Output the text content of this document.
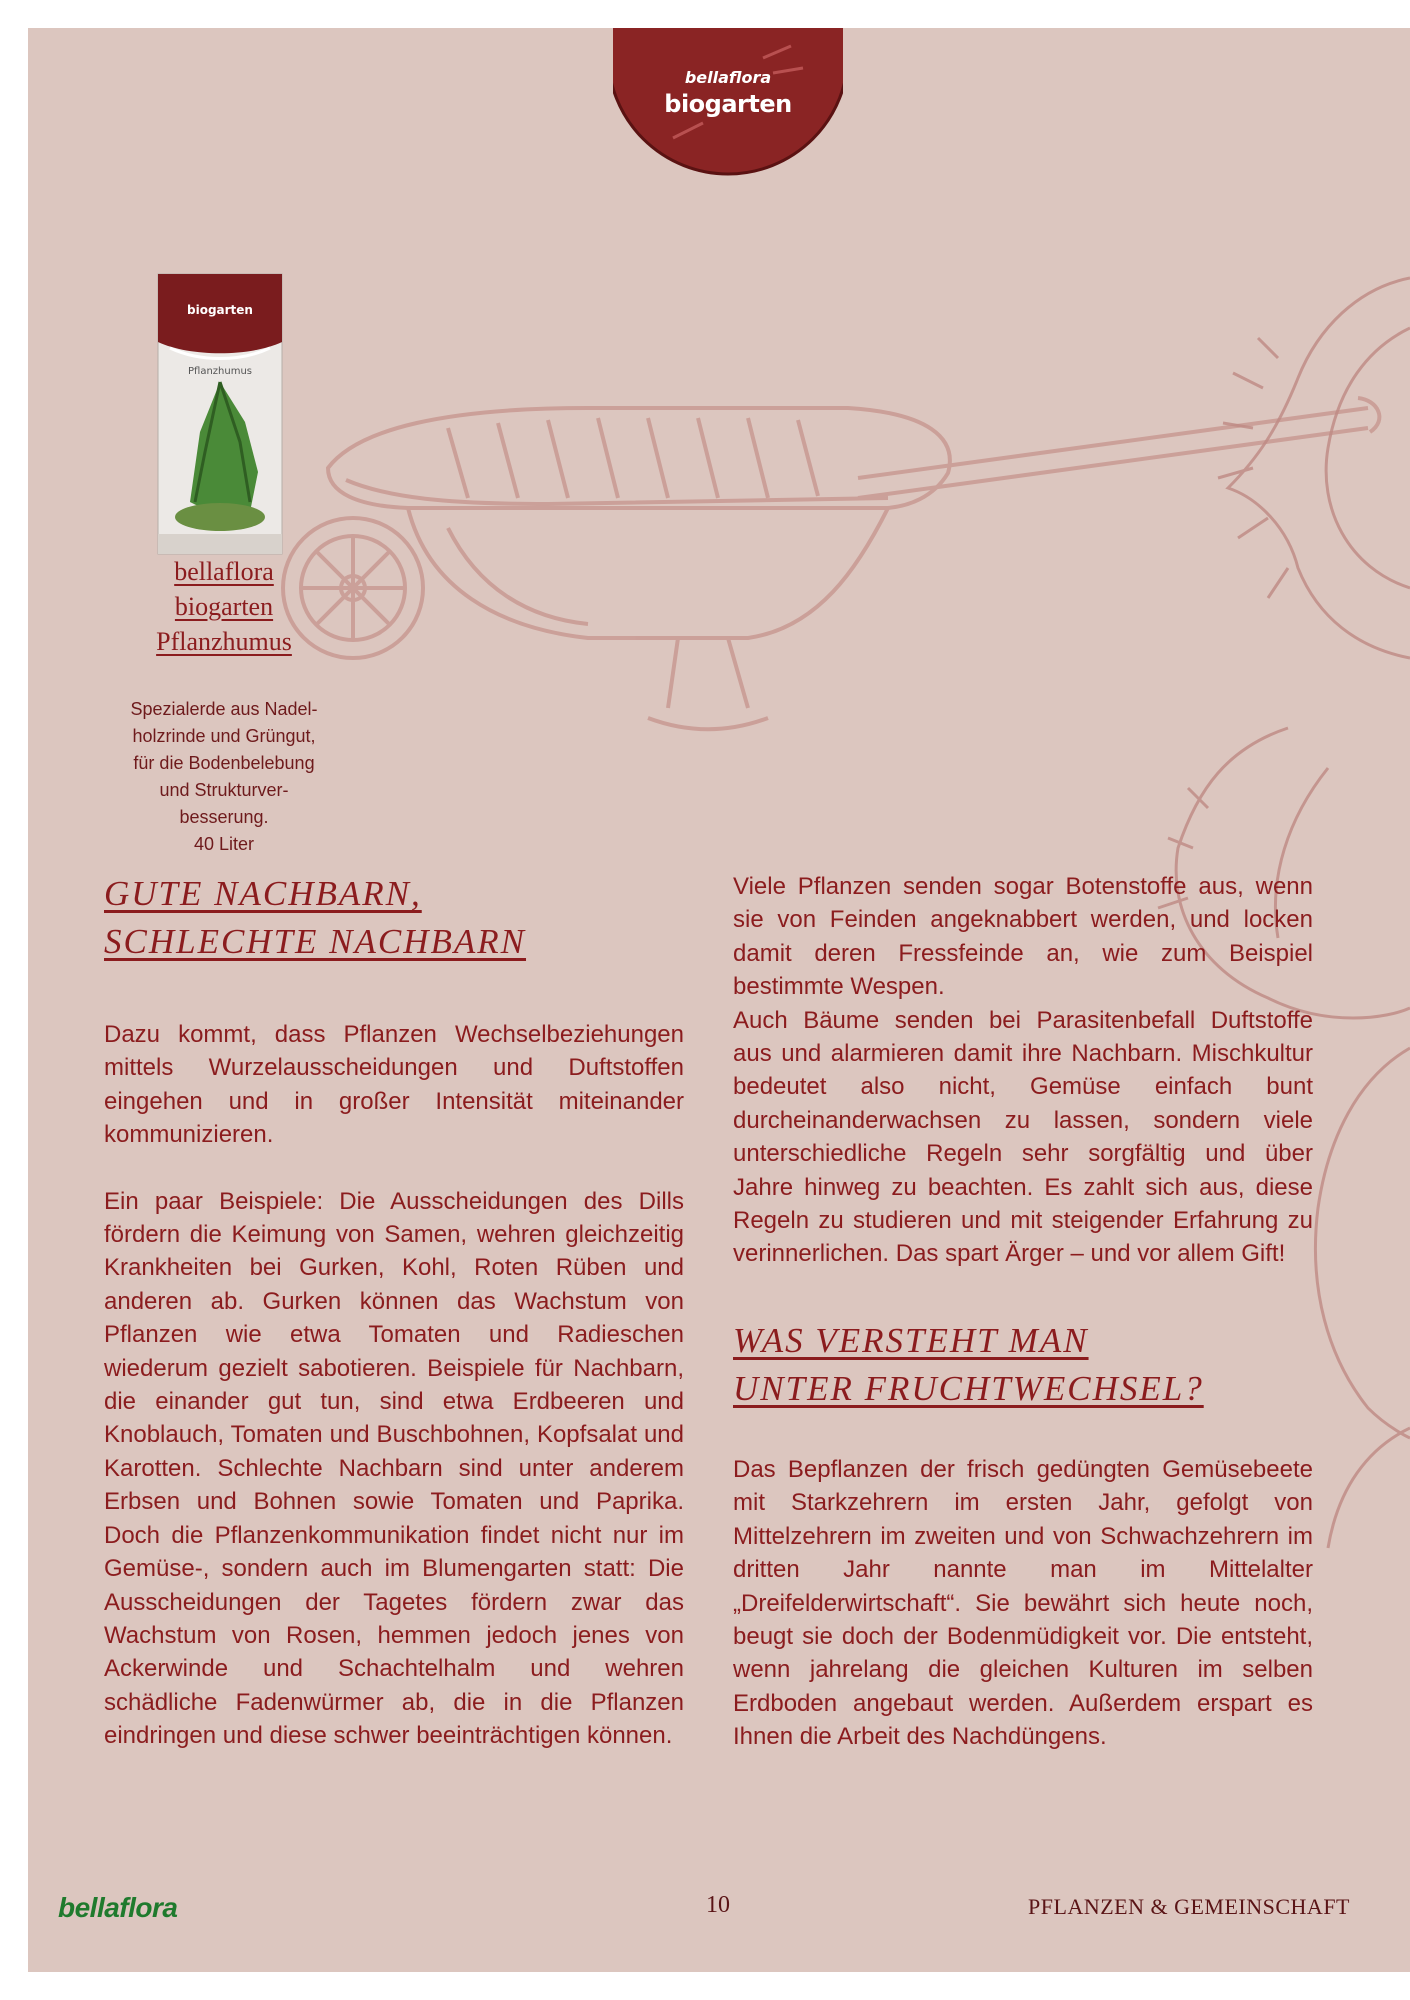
bellaflora
biogarten
biogarten
Pflanzhumus
bellaflora
biogarten
Pflanzhumus
Spezialerde aus Nadel-
holzrinde und Grüngut,
für die Bodenbelebung
und Strukturver-
besserung.
40 Liter
GUTE NACHBARN,
SCHLECHTE NACHBARN

Dazu kommt, dass Pflanzen Wechselbeziehungen mittels Wurzelausscheidungen und Duftstoffen eingehen und in großer Intensität miteinander kommunizieren.

Ein paar Beispiele: Die Ausscheidungen des Dills fördern die Keimung von Samen, wehren gleichzeitig Krankheiten bei Gurken, Kohl, Roten Rüben und anderen ab. Gurken können das Wachstum von Pflanzen wie etwa Tomaten und Radieschen wiederum gezielt sabotieren. Beispiele für Nachbarn, die einander gut tun, sind etwa Erdbeeren und Knoblauch, Tomaten und Buschbohnen, Kopfsalat und Karotten. Schlechte Nachbarn sind unter anderem Erbsen und Bohnen sowie Tomaten und Paprika. Doch die Pflanzenkommunikation findet nicht nur im Gemüse-, sondern auch im Blumengarten statt: Die Ausscheidungen der Tagetes fördern zwar das Wachstum von Rosen, hemmen jedoch jenes von Ackerwinde und Schachtelhalm und wehren schädliche Fadenwürmer ab, die in die Pflanzen eindringen und diese schwer beeinträchtigen können.

Viele Pflanzen senden sogar Botenstoffe aus, wenn sie von Feinden angeknabbert werden, und locken damit deren Fressfeinde an, wie zum Beispiel bestimmte Wespen.

Auch Bäume senden bei Parasitenbefall Duftstoffe aus und alarmieren damit ihre Nachbarn. Mischkultur bedeutet also nicht, Gemüse einfach bunt durcheinanderwachsen zu lassen, sondern viele unterschiedliche Regeln sehr sorgfältig und über Jahre hinweg zu beachten. Es zahlt sich aus, diese Regeln zu studieren und mit steigender Erfahrung zu verinnerlichen. Das spart Ärger – und vor allem Gift!

WAS VERSTEHT MAN
UNTER FRUCHTWECHSEL?

Das Bepflanzen der frisch gedüngten Gemüsebeete mit Starkzehrern im ersten Jahr, gefolgt von Mittelzehrern im zweiten und von Schwachzehrern im dritten Jahr nannte man im Mittelalter „Dreifelderwirtschaft“. Sie bewährt sich heute noch, beugt sie doch der Bodenmüdigkeit vor. Die entsteht, wenn jahrelang die gleichen Kulturen im selben Erdboden angebaut werden. Außerdem erspart es Ihnen die Arbeit des Nachdüngens.

bellaflora	10	PFLANZEN & GEMEINSCHAFT
